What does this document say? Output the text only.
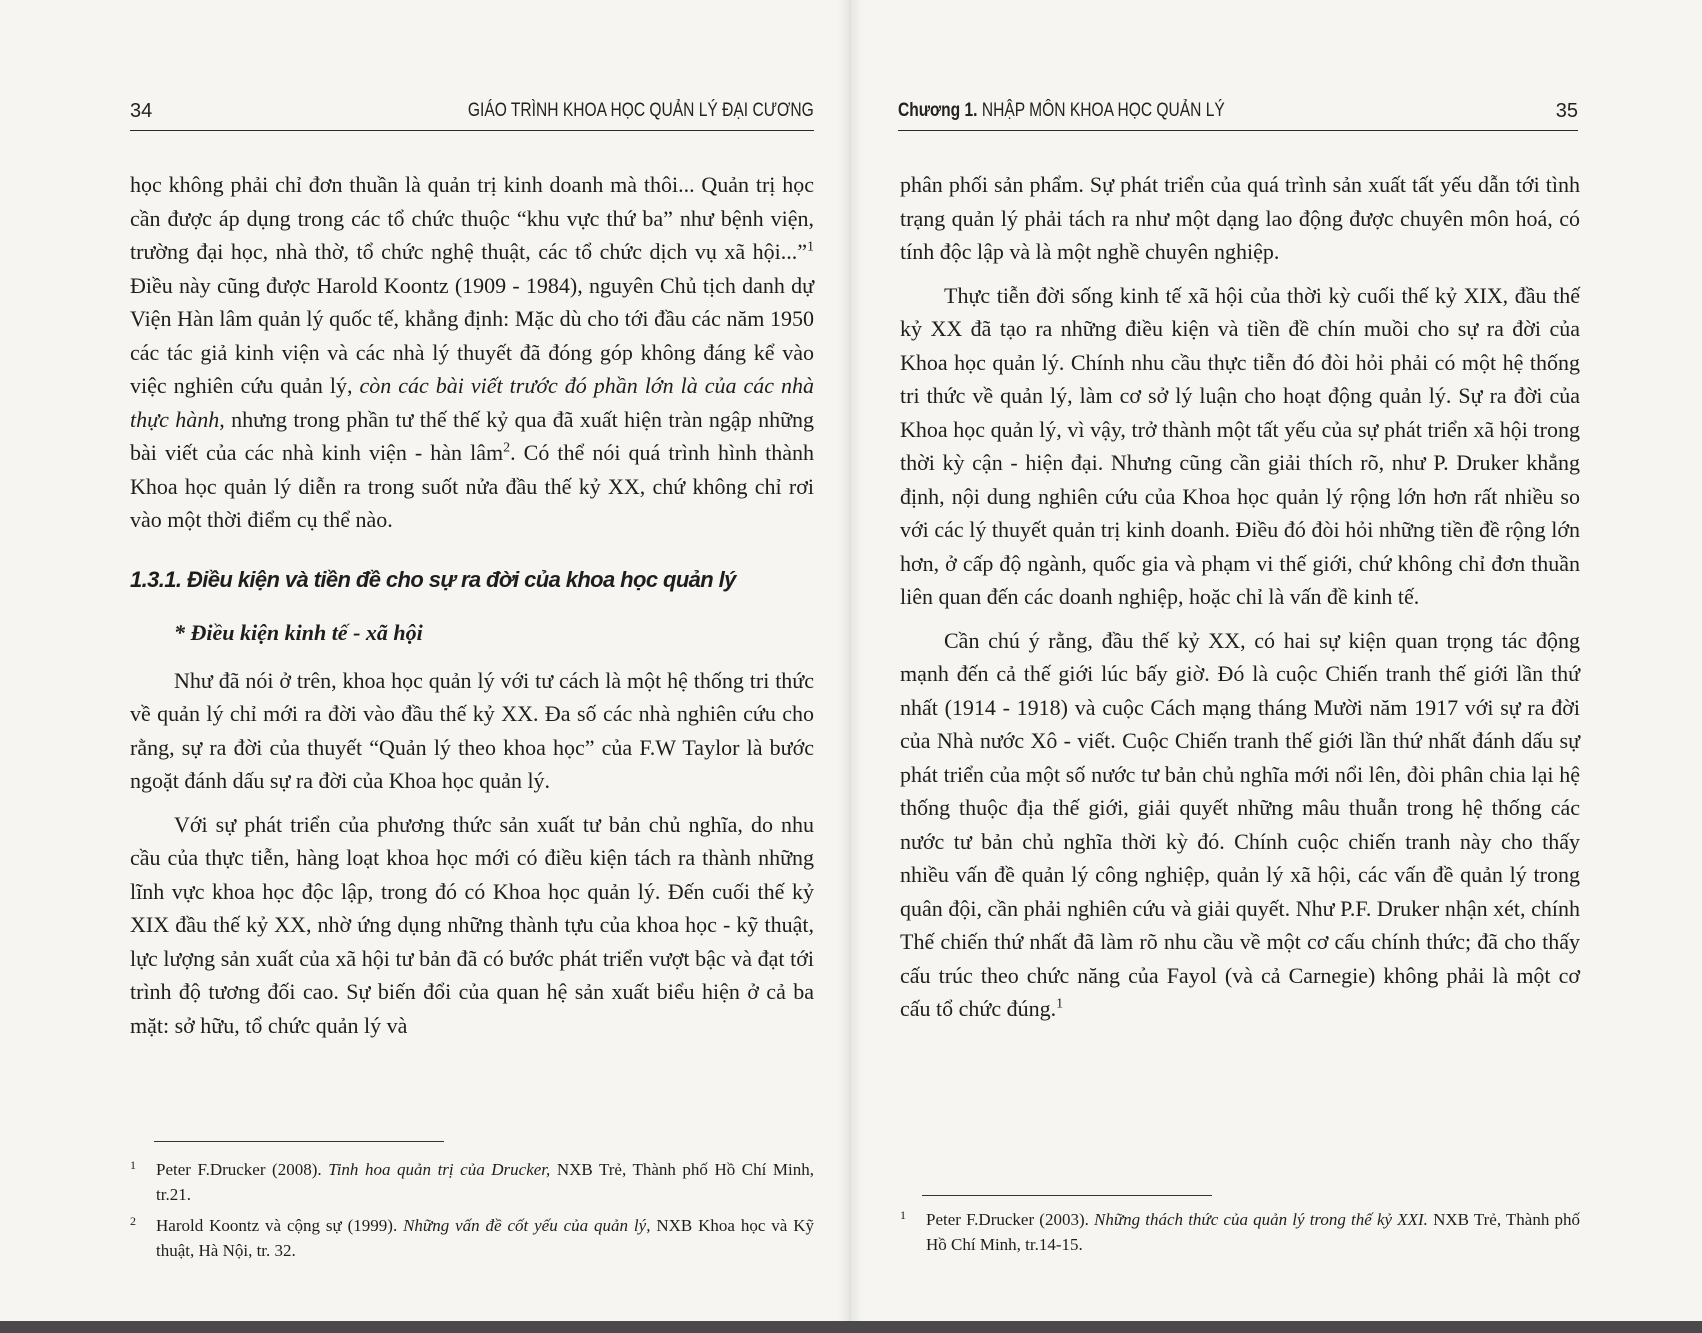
34	GIÁO TRÌNH KHOA HỌC QUẢN LÝ ĐẠI CƯƠNG

học không phải chỉ đơn thuần là quản trị kinh doanh mà thôi... Quản trị học cần được áp dụng trong các tổ chức thuộc “khu vực thứ ba” như bệnh viện, trường đại học, nhà thờ, tổ chức nghệ thuật, các tổ chức dịch vụ xã hội...”$^1$ Điều này cũng được Harold Koontz (1909 - 1984), nguyên Chủ tịch danh dự Viện Hàn lâm quản lý quốc tế, khẳng định: Mặc dù cho tới đầu các năm 1950 các tác giả kinh viện và các nhà lý thuyết đã đóng góp không đáng kể vào việc nghiên cứu quản lý, còn các bài viết trước đó phần lớn là của các nhà thực hành, nhưng trong phần tư thế thế kỷ qua đã xuất hiện tràn ngập những bài viết của các nhà kinh viện - hàn lâm$^2$. Có thể nói quá trình hình thành Khoa học quản lý diễn ra trong suốt nửa đầu thế kỷ XX, chứ không chỉ rơi vào một thời điểm cụ thể nào.

1.3.1. Điều kiện và tiền đề cho sự ra đời của khoa học quản lý
* Điều kiện kinh tế - xã hội

Như đã nói ở trên, khoa học quản lý với tư cách là một hệ thống tri thức về quản lý chỉ mới ra đời vào đầu thế kỷ XX. Đa số các nhà nghiên cứu cho rằng, sự ra đời của thuyết “Quản lý theo khoa học” của F.W Taylor là bước ngoặt đánh dấu sự ra đời của Khoa học quản lý.

Với sự phát triển của phương thức sản xuất tư bản chủ nghĩa, do nhu cầu của thực tiễn, hàng loạt khoa học mới có điều kiện tách ra thành những lĩnh vực khoa học độc lập, trong đó có Khoa học quản lý. Đến cuối thế kỷ XIX đầu thế kỷ XX, nhờ ứng dụng những thành tựu của khoa học - kỹ thuật, lực lượng sản xuất của xã hội tư bản đã có bước phát triển vượt bậc và đạt tới trình độ tương đối cao. Sự biến đổi của quan hệ sản xuất biểu hiện ở cả ba mặt: sở hữu, tổ chức quản lý và

1 Peter F.Drucker (2008). Tinh hoa quản trị của Drucker, NXB Trẻ, Thành phố Hồ Chí Minh, tr.21.
2 Harold Koontz và cộng sự (1999). Những vấn đề cốt yếu của quản lý, NXB Khoa học và Kỹ thuật, Hà Nội, tr. 32.
Chương 1. NHẬP MÔN KHOA HỌC QUẢN LÝ	35

phân phối sản phẩm. Sự phát triển của quá trình sản xuất tất yếu dẫn tới tình trạng quản lý phải tách ra như một dạng lao động được chuyên môn hoá, có tính độc lập và là một nghề chuyên nghiệp.

Thực tiễn đời sống kinh tế xã hội của thời kỳ cuối thế kỷ XIX, đầu thế kỷ XX đã tạo ra những điều kiện và tiền đề chín muồi cho sự ra đời của Khoa học quản lý. Chính nhu cầu thực tiễn đó đòi hỏi phải có một hệ thống tri thức về quản lý, làm cơ sở lý luận cho hoạt động quản lý. Sự ra đời của Khoa học quản lý, vì vậy, trở thành một tất yếu của sự phát triển xã hội trong thời kỳ cận - hiện đại. Nhưng cũng cần giải thích rõ, như P. Druker khẳng định, nội dung nghiên cứu của Khoa học quản lý rộng lớn hơn rất nhiều so với các lý thuyết quản trị kinh doanh. Điều đó đòi hỏi những tiền đề rộng lớn hơn, ở cấp độ ngành, quốc gia và phạm vi thế giới, chứ không chỉ đơn thuần liên quan đến các doanh nghiệp, hoặc chỉ là vấn đề kinh tế.

Cần chú ý rằng, đầu thế kỷ XX, có hai sự kiện quan trọng tác động mạnh đến cả thế giới lúc bấy giờ. Đó là cuộc Chiến tranh thế giới lần thứ nhất (1914 - 1918) và cuộc Cách mạng tháng Mười năm 1917 với sự ra đời của Nhà nước Xô - viết. Cuộc Chiến tranh thế giới lần thứ nhất đánh dấu sự phát triển của một số nước tư bản chủ nghĩa mới nổi lên, đòi phân chia lại hệ thống thuộc địa thế giới, giải quyết những mâu thuẫn trong hệ thống các nước tư bản chủ nghĩa thời kỳ đó. Chính cuộc chiến tranh này cho thấy nhiều vấn đề quản lý công nghiệp, quản lý xã hội, các vấn đề quản lý trong quân đội, cần phải nghiên cứu và giải quyết. Như P.F. Druker nhận xét, chính Thế chiến thứ nhất đã làm rõ nhu cầu về một cơ cấu chính thức; đã cho thấy cấu trúc theo chức năng của Fayol (và cả Carnegie) không phải là một cơ cấu tổ chức đúng.$^1$

1 Peter F.Drucker (2003). Những thách thức của quản lý trong thế kỷ XXI. NXB Trẻ, Thành phố Hồ Chí Minh, tr.14-15.
